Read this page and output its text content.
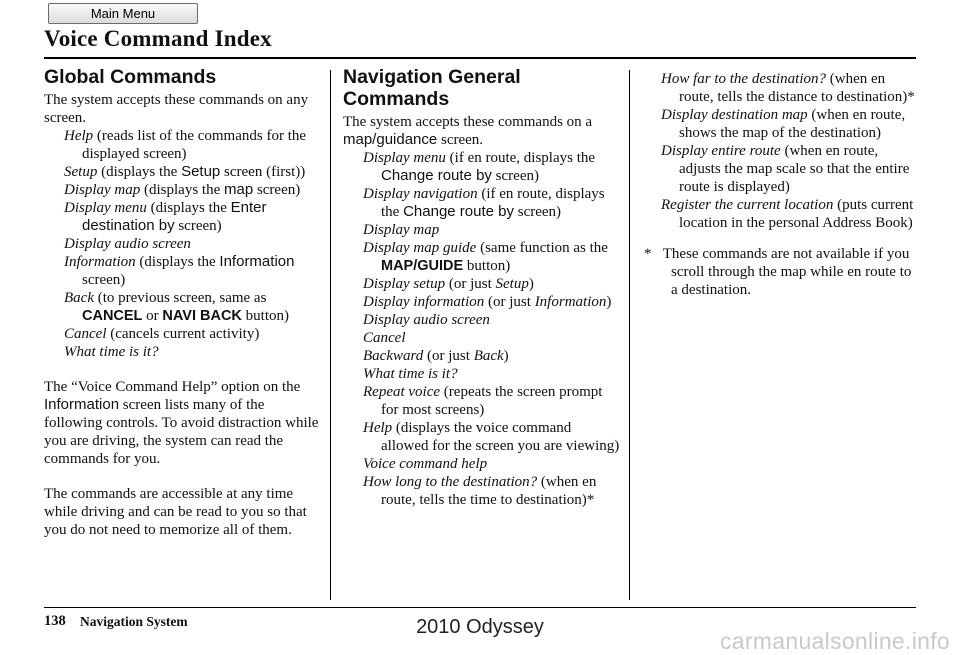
Main Menu
Voice Command Index
Global Commands

The system accepts these commands on any screen.

Help (reads list of the commands for the displayed screen)

Setup (displays the Setup screen (first))

Display map (displays the map screen)

Display menu (displays the Enter destination by screen)

Display audio screen

Information (displays the Information screen)

Back (to previous screen, same as CANCEL or NAVI BACK button)

Cancel (cancels current activity)

What time is it?

The “Voice Command Help” option on the Information screen lists many of the following controls. To avoid distraction while you are driving, the system can read the commands for you.

The commands are accessible at any time while driving and can be read to you so that you do not need to memorize all of them.

Navigation General Commands

The system accepts these commands on a map/guidance screen.

Display menu (if en route, displays the Change route by screen)

Display navigation (if en route, displays the Change route by screen)

Display map

Display map guide (same function as the MAP/GUIDE button)

Display setup (or just Setup)

Display information (or just Information)

Display audio screen

Cancel

Backward (or just Back)

What time is it?

Repeat voice (repeats the screen prompt for most screens)

Help (displays the voice command allowed for the screen you are viewing)

Voice command help

How long to the destination? (when en route, tells the time to destination)*

How far to the destination? (when en route, tells the distance to destination)*

Display destination map (when en route, shows the map of the destination)

Display entire route (when en route, adjusts the map scale so that the entire route is displayed)

Register the current location (puts current location in the personal Address Book)

* These commands are not available if you scroll through the map while en route to a destination.

138 Navigation System	2010 Odyssey
carmanualsonline.info
